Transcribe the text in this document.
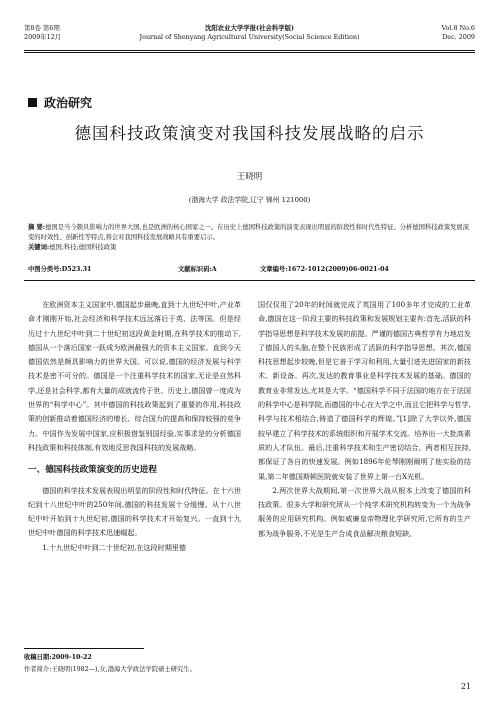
第8卷 第6期
2009年12月
沈阳农业大学学报(社会科学版)
Journal of Shenyang Agricultural University(Social Science Edition)
Vol.8 No.6
Dec. 2009
政治研究
德国科技政策演变对我国科技发展战略的启示
王晓明
(渤海大学 政法学院,辽宁 锦州 121000)
摘 要:德国是当今颇具影响力的世界大国,也是欧洲的核心国家之一。在历史上德国科技政策的演变表现出明显的阶段性和时代性特征。分析德国科技政策发展演变的时效性、创新性等特点,将会对我国科技发展战略具有重要启示。
关键词:德国;科技;德国科技政策
中图分类号:D523.31	文献标识码:A	文章编号:1672-1012(2009)06-0021-04

在欧洲资本主义国家中,德国起步最晚,直到十九世纪中叶,产业革命才刚刚开始,社会经济和科学技术远远落后于英、法等国。但是经历过十九世纪中叶到二十世纪初这段黄金时期,在科学技术的推动下,德国从一个落后国家一跃成为欧洲最强大的资本主义国家。直到今天德国依然是颇具影响力的世界大国。可以说,德国的经济发展与科学技术是密不可分的。德国是一个注重科学技术的国家,无论是自然科学,还是社会科学,都有大量的成就流传于世。历史上,德国曾一度成为世界的“科学中心”。其中德国的科技政策起到了重要的作用,科技政策的创新推动着德国经济的增长、综合国力的提高和保持较强的竞争力。中国作为发展中国家,应积极借鉴别国经验,实事求是的分析德国科技政策和科技体制,有效地反思我国科技的发展战略。

一、德国科技政策演变的历史进程

德国的科学技术发展表现出明显的阶段性和时代特征。在十六世纪到十八世纪中叶的250年间,德国的科技发展十分缓慢。从十八世纪中叶开始到十九世纪初,德国的科学技术才开始复兴。一直到十九世纪中叶德国的科学技术迅速崛起。

1.十九世纪中叶到二十世纪初,在这段时期里德

国仅仅用了20年的时间就完成了英国用了100多年才完成的工业革命,德国在这一阶段主要的科技政策和发展规划主要有:首先,活跃的科学指导思想是科学技术发展的前提。严谨的德国古典哲学有力地启发了德国人的头脑,在整个民族形成了活跃的科学指导思想。其次,德国科技思想起步较晚,但是它善于学习和利用,大量引进先进国家的新技术、新设备。再次,发达的教育事业是科学技术发展的基础。德国的教育业非常发达,尤其是大学。“德国科学不同于法国的地方在于法国的科学中心是科学院,而德国的中心在大学之中,而且它把科学与哲学,科学与技术相结合,铸造了德国科学的辉煌。”[1]除了大学以外,德国较早建立了科学技术的系统组织和开展学术交流。培养出一大批高素质的人才队伍。最后,注重科学技术和生产密切结合。两者相互扶持,都保证了各自的快速发展。例如1896年伦琴刚刚阐明了他实验的结果,第二年德国斯顿医院就安装了世界上第一台X光机。

2.两次世界大战期间,第一次世界大战从根本上改变了德国的科技政策。很多大学和研究所从一个纯学术研究机构转变为一个为战争服务的应用研究机构。例如威廉皇帝物理化学研究所,它所有的生产都为战争服务,不光是生产合成食品解决粮食短缺、

收稿日期:2009-10-22
作者简介:王晓明(1982—),女,渤海大学政法学院硕士研究生。
21
